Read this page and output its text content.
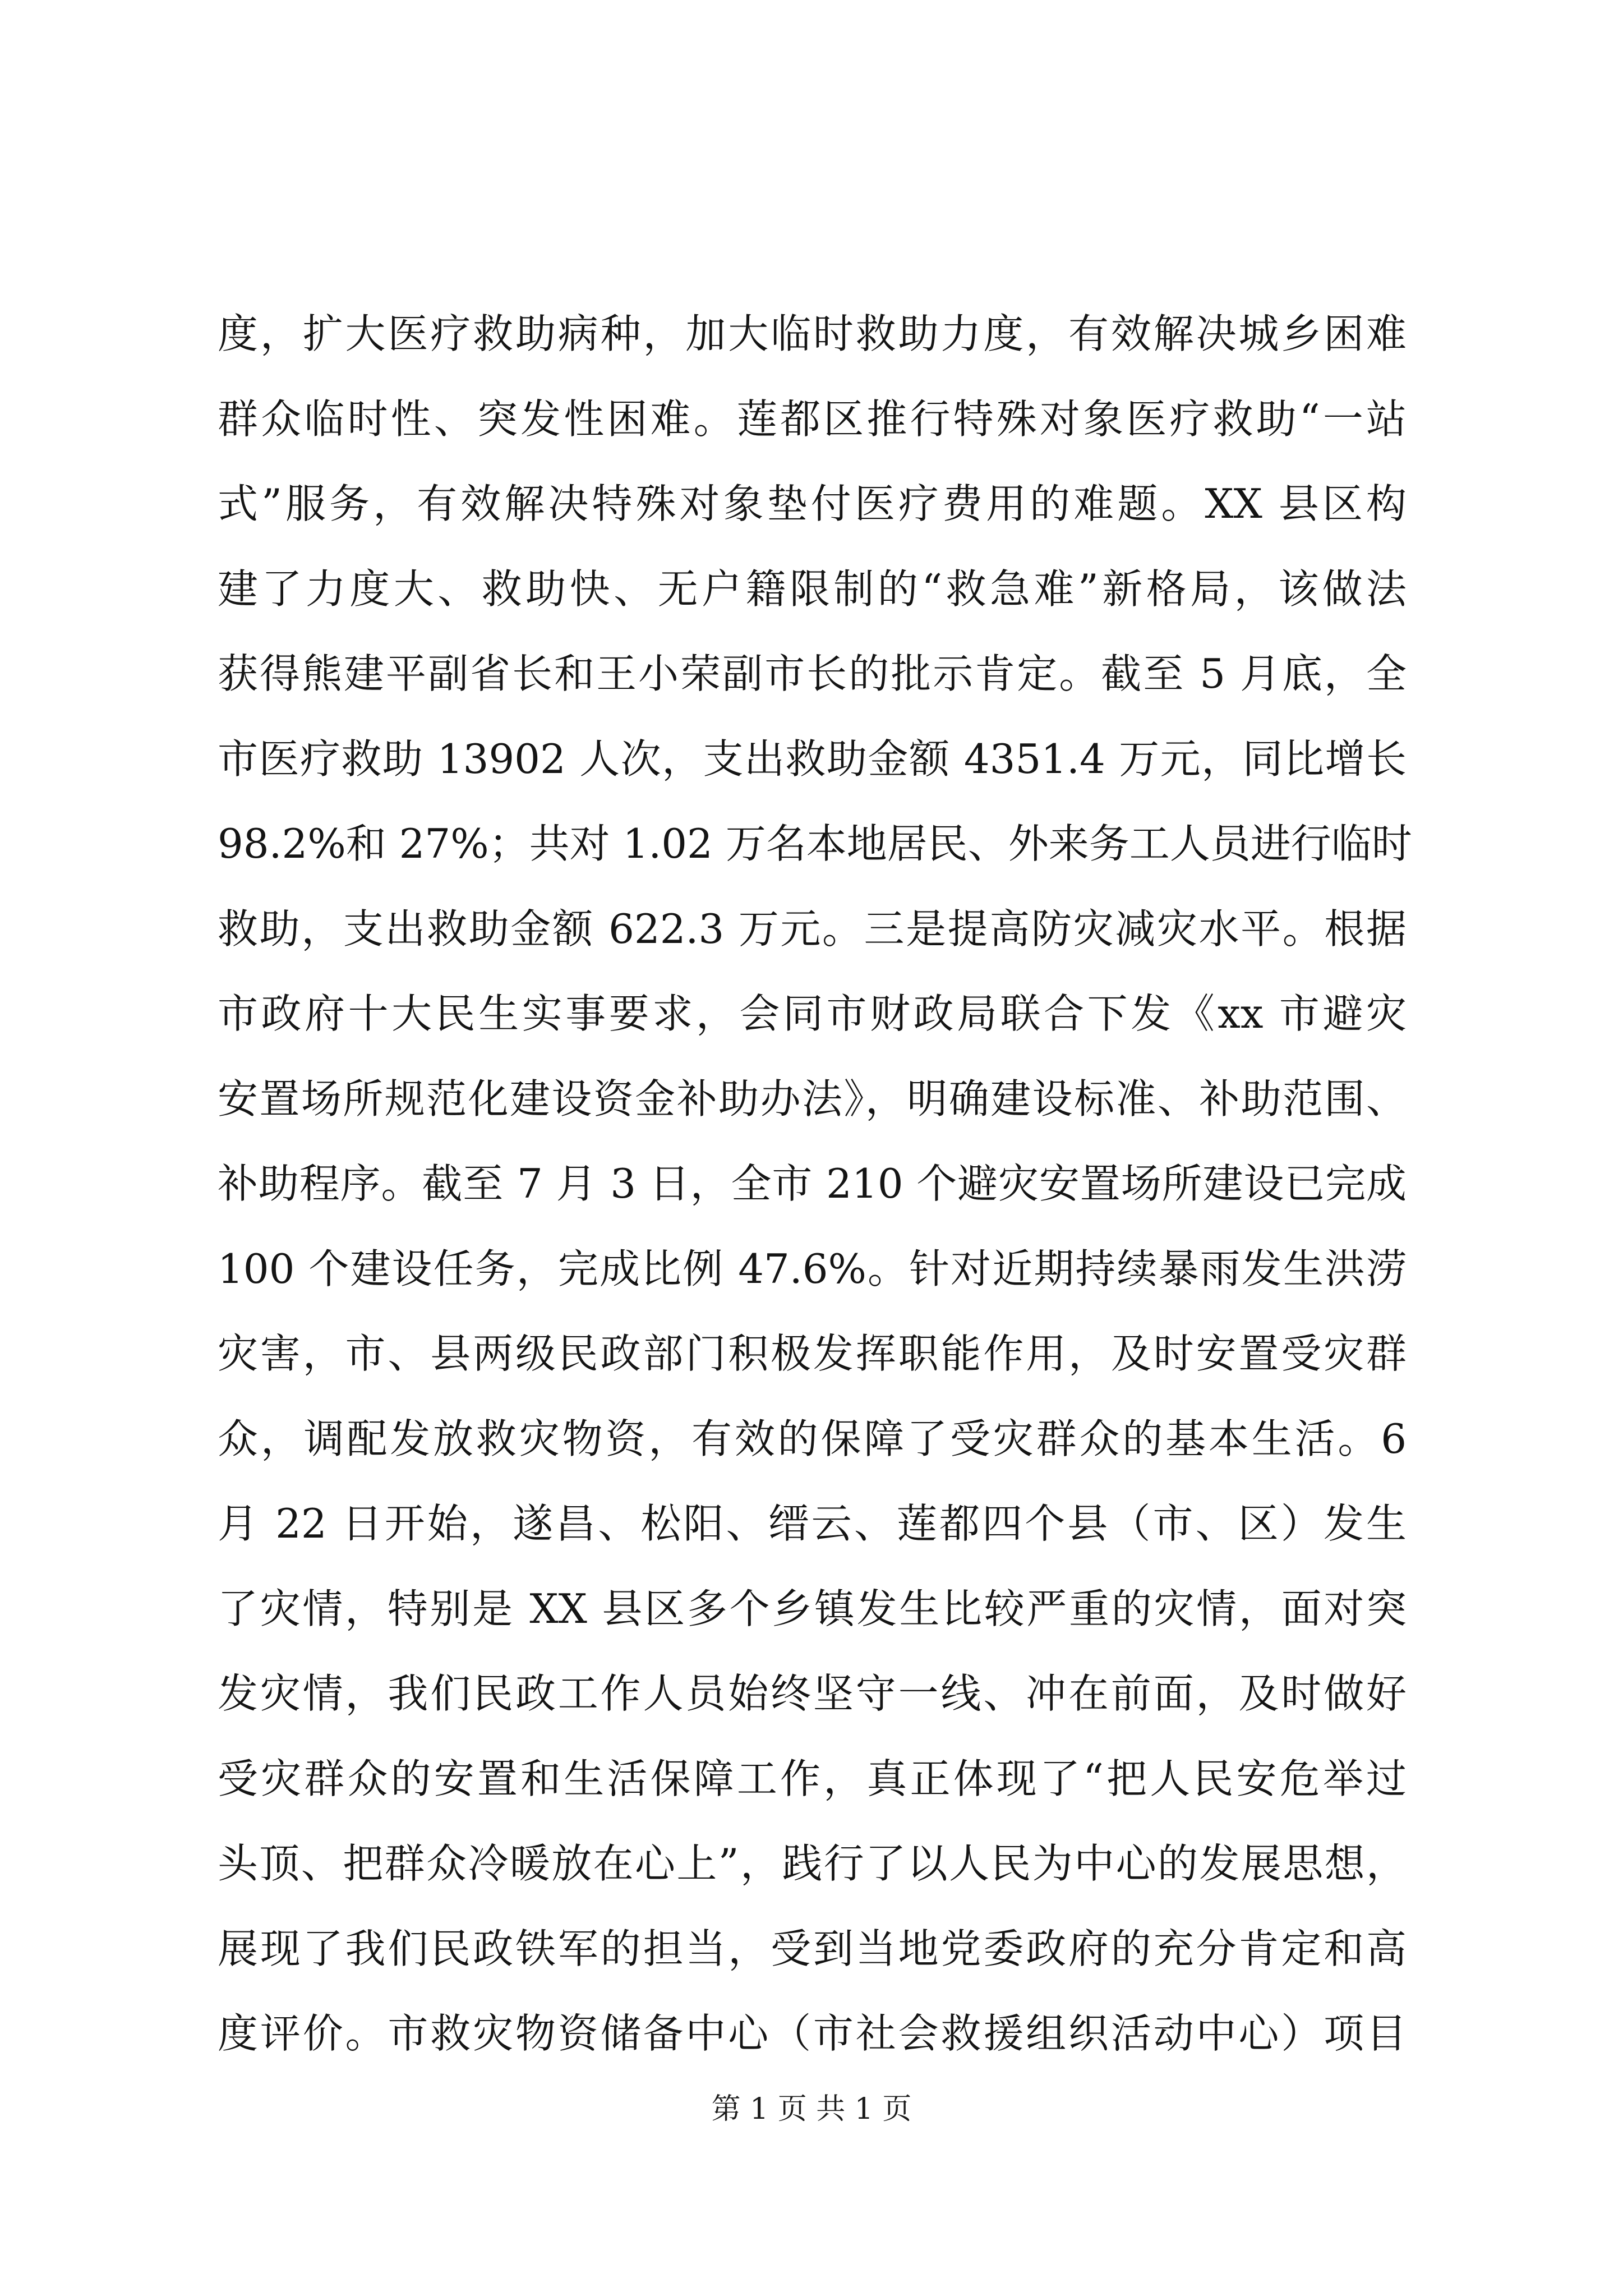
度，扩大医疗救助病种，加大临时救助力度，有效解决城乡困难
群众临时性、突发性困难。莲都区推行特殊对象医疗救助“一站
式”服务，有效解决特殊对象垫付医疗费用的难题。XX 县区构
建了力度大、救助快、无户籍限制的“救急难”新格局，该做法
获得熊建平副省长和王小荣副市长的批示肯定。截至 5 月底，全
市医疗救助 13902 人次，支出救助金额 4351.4 万元，同比增长
98.2%和 27%；共对 1.02 万名本地居民、外来务工人员进行临时
救助，支出救助金额 622.3 万元。三是提高防灾减灾水平。根据
市政府十大民生实事要求，会同市财政局联合下发《xx 市避灾
安置场所规范化建设资金补助办法》，明确建设标准、补助范围、
补助程序。截至 7 月 3 日，全市 210 个避灾安置场所建设已完成
100 个建设任务，完成比例 47.6%。针对近期持续暴雨发生洪涝
灾害，市、县两级民政部门积极发挥职能作用，及时安置受灾群
众，调配发放救灾物资，有效的保障了受灾群众的基本生活。6
月 22 日开始，遂昌、松阳、缙云、莲都四个县（市、区）发生
了灾情，特别是 XX 县区多个乡镇发生比较严重的灾情，面对突
发灾情，我们民政工作人员始终坚守一线、冲在前面，及时做好
受灾群众的安置和生活保障工作，真正体现了“把人民安危举过
头顶、把群众冷暖放在心上”，践行了以人民为中心的发展思想，
展现了我们民政铁军的担当，受到当地党委政府的充分肯定和高
度评价。市救灾物资储备中心（市社会救援组织活动中心）项目
第 1 页 共 1 页
